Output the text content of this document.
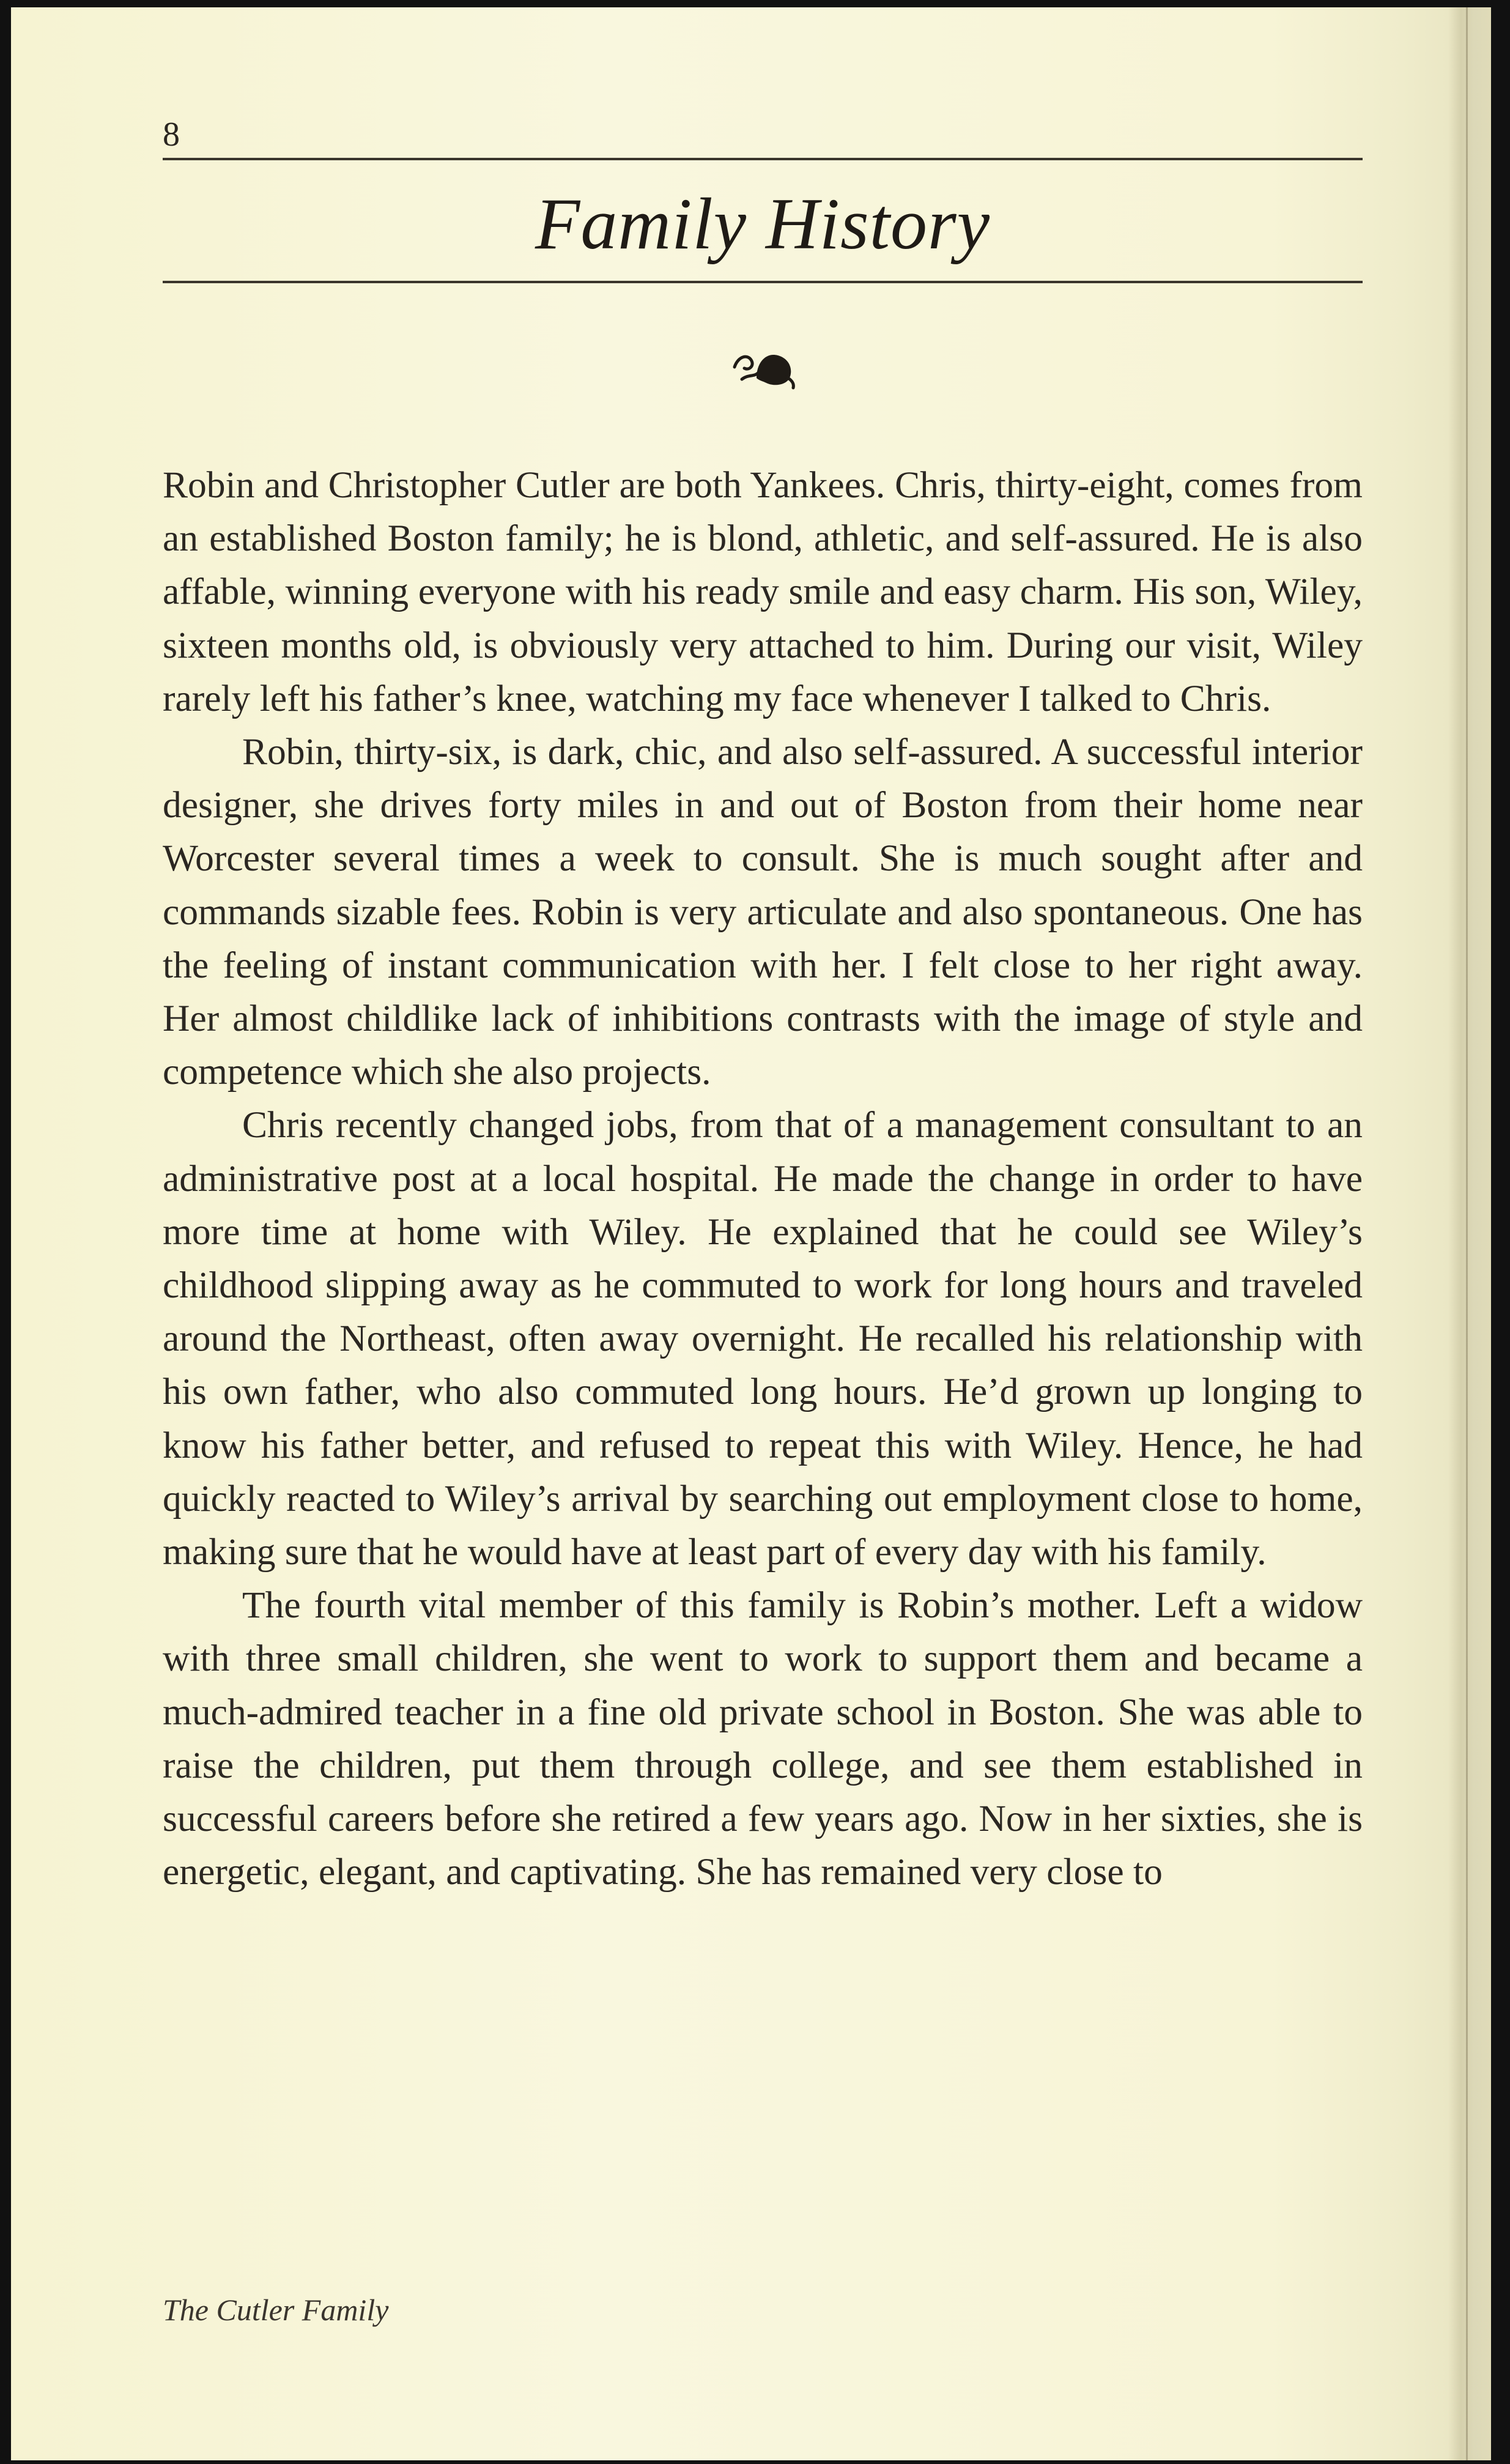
8
Family History

Robin and Christopher Cutler are both Yankees. Chris, thirty-eight, comes from an established Boston family; he is blond, athletic, and self-assured. He is also affable, winning everyone with his ready smile and easy charm. His son, Wiley, sixteen months old, is obviously very attached to him. During our visit, Wiley rarely left his father’s knee, watching my face whenever I talked to Chris.

Robin, thirty-six, is dark, chic, and also self-assured. A successful interior designer, she drives forty miles in and out of Boston from their home near Worcester several times a week to consult. She is much sought after and commands sizable fees. Robin is very articulate and also spontaneous. One has the feeling of instant communication with her. I felt close to her right away. Her almost childlike lack of inhibitions contrasts with the image of style and competence which she also projects.

Chris recently changed jobs, from that of a management consultant to an administrative post at a local hospital. He made the change in order to have more time at home with Wiley. He explained that he could see Wiley’s childhood slipping away as he commuted to work for long hours and traveled around the Northeast, often away overnight. He recalled his relationship with his own father, who also commuted long hours. He’d grown up longing to know his father better, and refused to repeat this with Wiley. Hence, he had quickly reacted to Wiley’s arrival by searching out employment close to home, making sure that he would have at least part of every day with his family.

The fourth vital member of this family is Robin’s mother. Left a widow with three small children, she went to work to support them and became a much-admired teacher in a fine old private school in Boston. She was able to raise the children, put them through college, and see them established in successful careers before she retired a few years ago. Now in her sixties, she is energetic, elegant, and captivating. She has remained very close to

The Cutler Family
